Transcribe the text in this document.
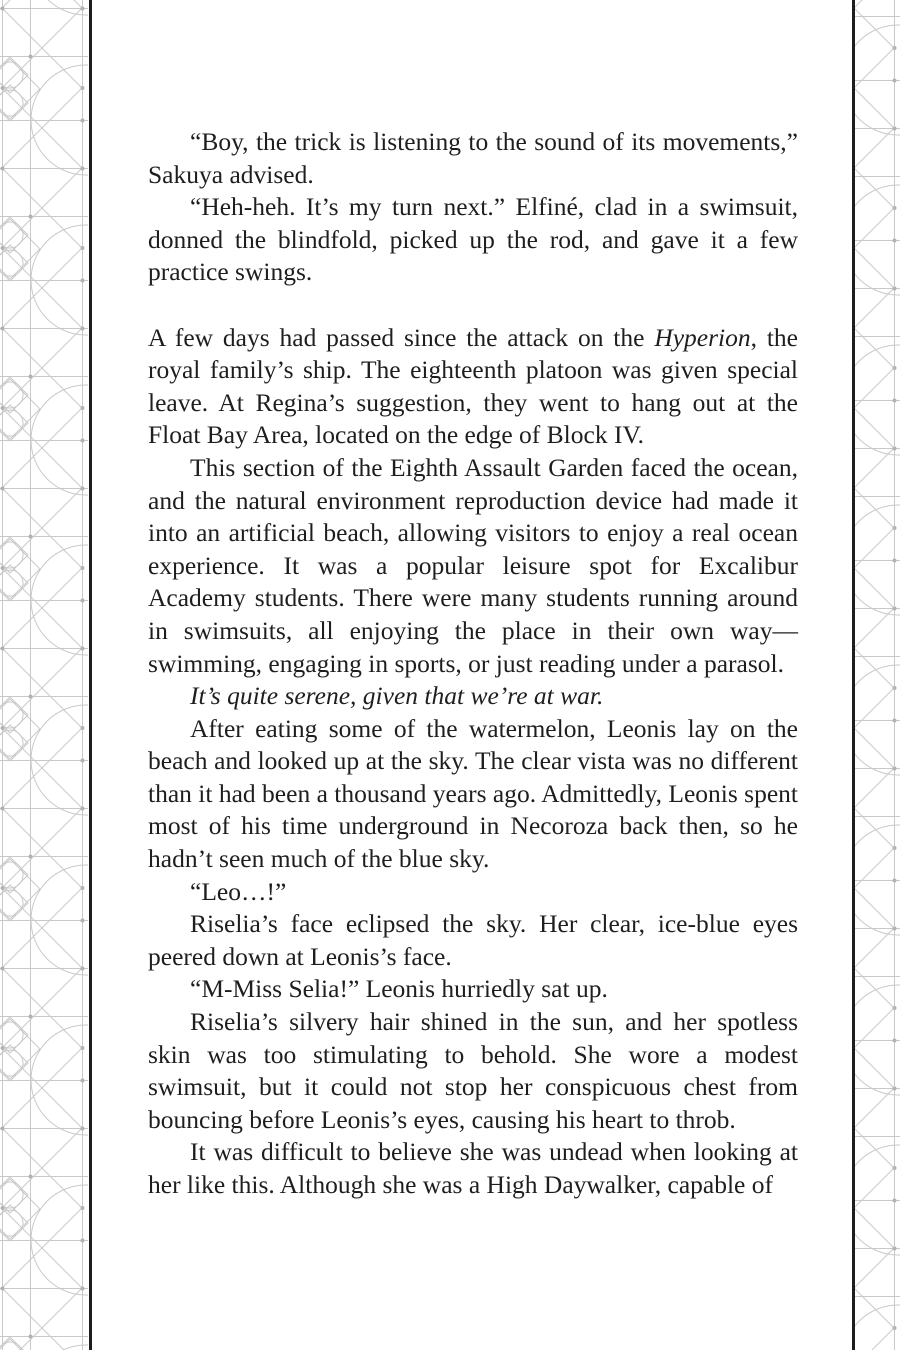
“Boy, the trick is listening to the sound of its movements,” Sakuya advised.

“Heh-heh. It’s my turn next.” Elfiné, clad in a swimsuit, donned the blindfold, picked up the rod, and gave it a few practice swings.

A few days had passed since the attack on the Hyperion, the royal family’s ship. The eighteenth platoon was given special leave. At Regina’s suggestion, they went to hang out at the Float Bay Area, located on the edge of Block IV.

This section of the Eighth Assault Garden faced the ocean, and the natural environment reproduction device had made it into an artificial beach, allowing visitors to enjoy a real ocean experience. It was a popular leisure spot for Excalibur Academy students. There were many students running around in swimsuits, all enjoying the place in their own way—swimming, engaging in sports, or just reading under a parasol.

It’s quite serene, given that we’re at war.

After eating some of the watermelon, Leonis lay on the beach and looked up at the sky. The clear vista was no different than it had been a thousand years ago. Admittedly, Leonis spent most of his time underground in Necoroza back then, so he hadn’t seen much of the blue sky.

“Leo…!”

Riselia’s face eclipsed the sky. Her clear, ice-blue eyes peered down at Leonis’s face.

“M-Miss Selia!” Leonis hurriedly sat up.

Riselia’s silvery hair shined in the sun, and her spotless skin was too stimulating to behold. She wore a modest swimsuit, but it could not stop her conspicuous chest from bouncing before Leonis’s eyes, causing his heart to throb.

It was difficult to believe she was undead when looking at her like this. Although she was a High Daywalker, capable of
